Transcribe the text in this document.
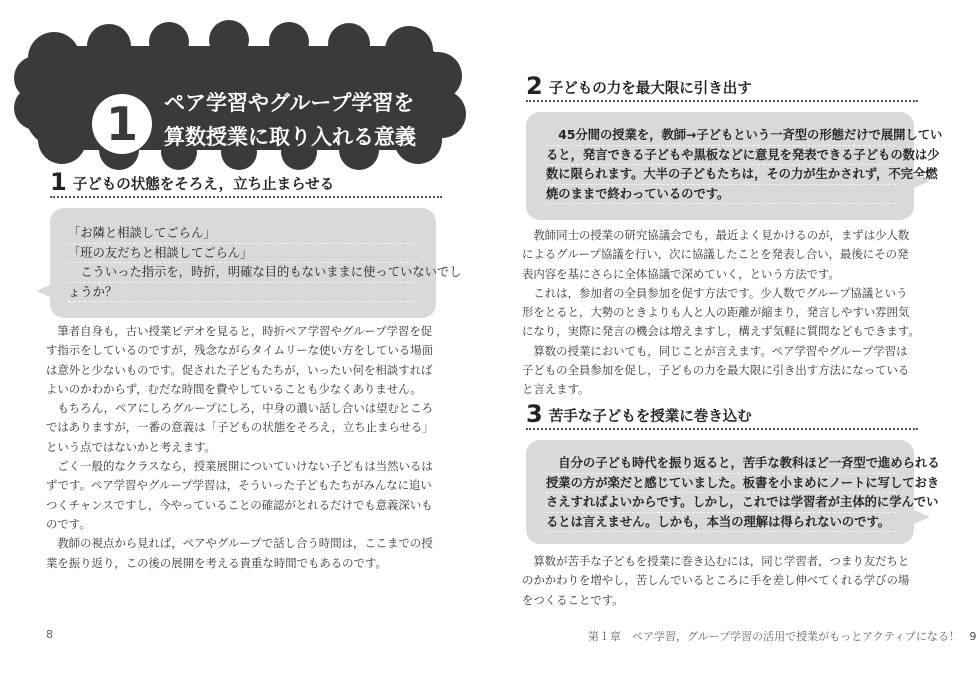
1	ペア学習やグループ学習を
算数授業に取り入れる意義
1 子どもの状態をそろえ，立ち止まらせる
「お隣と相談してごらん」
「班の友だちと相談してごらん」
　こういった指示を，時折，明確な目的もないままに使っていないでし
ょうか？
　筆者自身も，古い授業ビデオを見ると，時折ペア学習やグループ学習を促
す指示をしているのですが，残念ながらタイムリーな使い方をしている場面
は意外と少ないものです。促された子どもたちが，いったい何を相談すれば
よいのかわからず，むだな時間を費やしていることも少なくありません。
　もちろん，ペアにしろグループにしろ，中身の濃い話し合いは望むところ
ではありますが，一番の意義は「子どもの状態をそろえ，立ち止まらせる」
という点ではないかと考えます。
　ごく一般的なクラスなら，授業展開についていけない子どもは当然いるは
ずです。ペア学習やグループ学習は，そういった子どもたちがみんなに追い
つくチャンスですし，今やっていることの確認がとれるだけでも意義深いも
のです。
　教師の視点から見れば，ペアやグループで話し合う時間は，ここまでの授
業を振り返り，この後の展開を考える貴重な時間でもあるのです。
8
2 子どもの力を最大限に引き出す
　45分間の授業を，教師→子どもという一斉型の形態だけで展開してい
ると，発言できる子どもや黒板などに意見を発表できる子どもの数は少
数に限られます。大半の子どもたちは，その力が生かされず，不完全燃
焼のままで終わっているのです。
　教師同士の授業の研究協議会でも，最近よく見かけるのが，まずは少人数
によるグループ協議を行い，次に協議したことを発表し合い，最後にその発
表内容を基にさらに全体協議で深めていく，という方法です。
　これは，参加者の全員参加を促す方法です。少人数でグループ協議という
形をとると，大勢のときよりも人と人の距離が縮まり，発言しやすい雰囲気
になり，実際に発言の機会は増えますし，構えず気軽に質問などもできます。
　算数の授業においても，同じことが言えます。ペア学習やグループ学習は
子どもの全員参加を促し，子どもの力を最大限に引き出す方法になっている
と言えます。
3 苦手な子どもを授業に巻き込む
　自分の子ども時代を振り返ると，苦手な教科ほど一斉型で進められる
授業の方が楽だと感じていました。板書を小まめにノートに写しておき
さえすればよいからです。しかし，これでは学習者が主体的に学んでい
るとは言えません。しかも，本当の理解は得られないのです。
　算数が苦手な子どもを授業に巻き込むには，同じ学習者，つまり友だちと
のかかわりを増やし，苦しんでいるところに手を差し伸べてくれる学びの場
をつくることです。
第１章　ペア学習，グループ学習の活用で授業がもっとアクティブになる！ 9
